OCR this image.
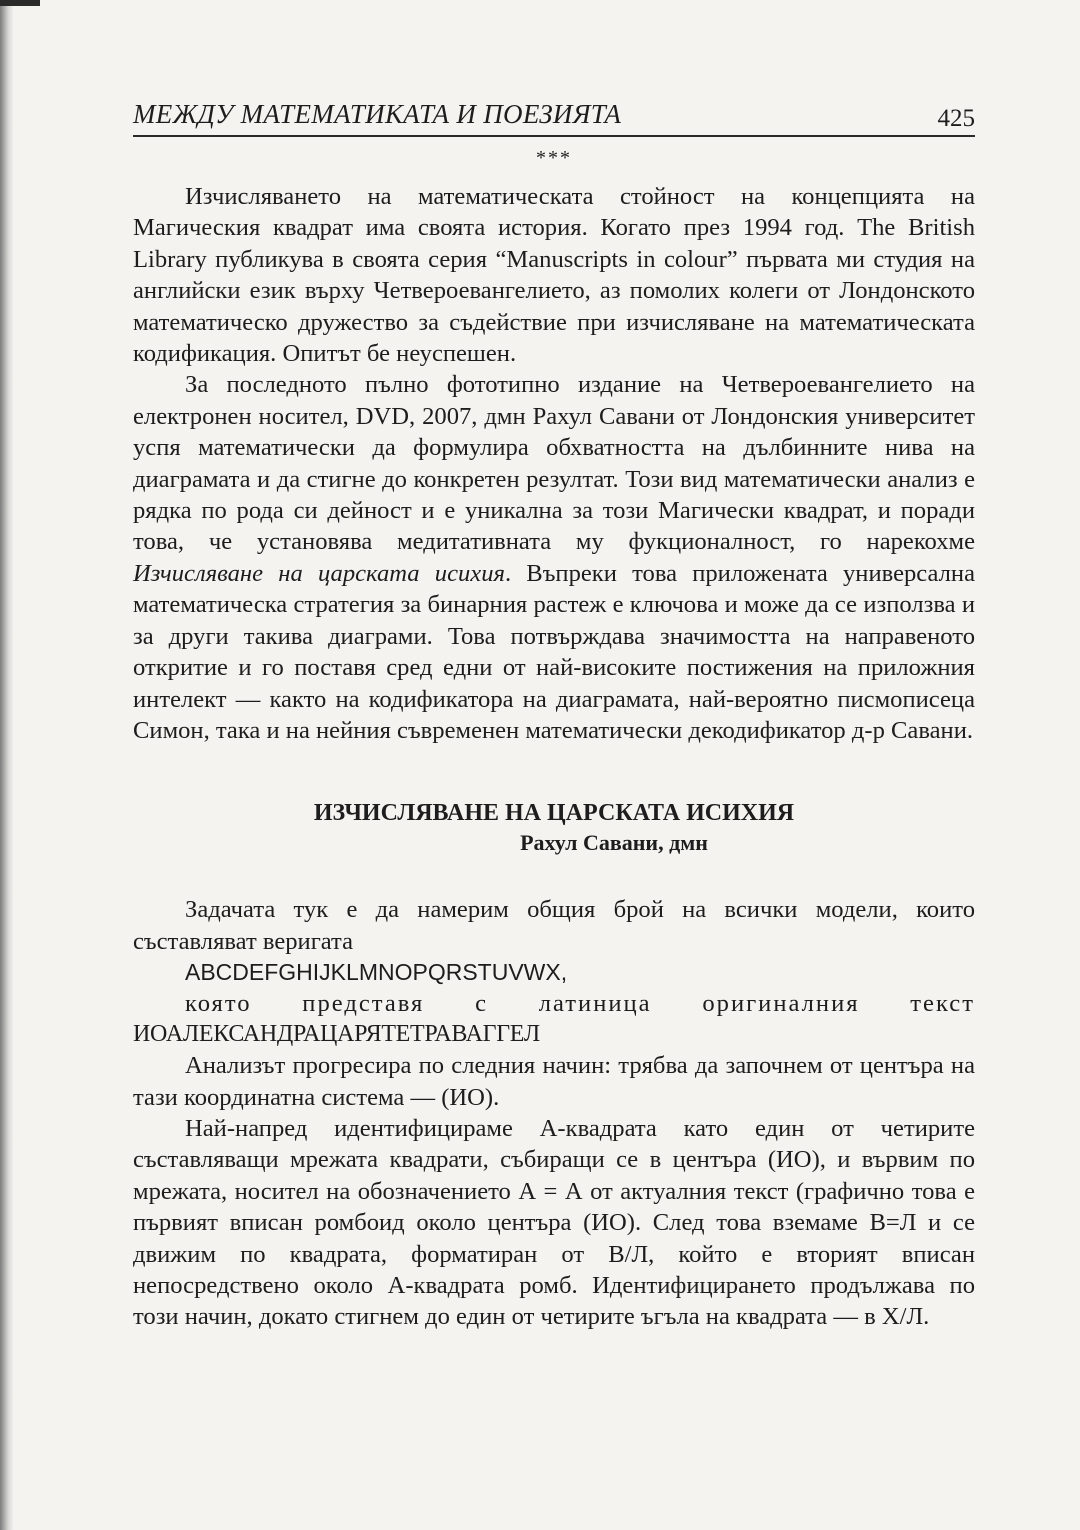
МЕЖДУ МАТЕМАТИКАТА И ПОЕЗИЯТА	425
***

Изчисляването на математическата стойност на концепцията на Магическия квадрат има своята история. Когато през 1994 год. The British Library публикува в своята серия “Manuscripts in colour” първата ми студия на английски език върху Четвероевангелието, аз помолих колеги от Лондонското математическо дружество за съдействие при изчисляване на математическата кодификация. Опитът бе неуспешен.

За последното пълно фототипно издание на Четвероевангелието на електронен носител, DVD, 2007, дмн Рахул Савани от Лондонския университет успя математически да формулира обхватността на дълбинните нива на диаграмата и да стигне до конкретен резултат. Този вид математически анализ е рядка по рода си дейност и е уникална за този Магически квадрат, и поради това, че установява медитативната му фукционалност, го нарекохме Изчисляване на царската исихия. Въпреки това приложената универсална математическа стратегия за бинарния растеж е ключова и може да се използва и за други такива диаграми. Това потвърждава значимостта на направеното откритие и го поставя сред едни от най-високите постижения на приложния интелект — както на кодификатора на диаграмата, най-вероятно писмописеца Симон, така и на нейния съвременен математически декодификатор д-р Савани.

ИЗЧИСЛЯВАНЕ НА ЦАРСКАТА ИСИХИЯ

Рахул Савани, дмн

Задачата тук е да намерим общия брой на всички модели, които съставляват веригата

ABCDEFGHIJKLMNOPQRSTUVWX,

която представя с латиница оригиналния текст

ИОАЛЕКСАНДРАЦАРЯТЕТРАВАГГЕЛ

Анализът прогресира по следния начин: трябва да започнем от центъра на тази координатна система — (ИО).

Най-напред идентифицираме А-квадрата като един от четирите съставляващи мрежата квадрати, събиращи се в центъра (ИО), и вървим по мрежата, носител на обозначението А = А от актуалния текст (графично това е първият вписан ромбоид около центъра (ИО). След това вземаме B=Л и се движим по квадрата, форматиран от B/Л, който е вторият вписан непосредствено около А-квадрата ромб. Идентифицирането продължава по този начин, докато стигнем до един от четирите ъгъла на квадрата — в X/Л.
